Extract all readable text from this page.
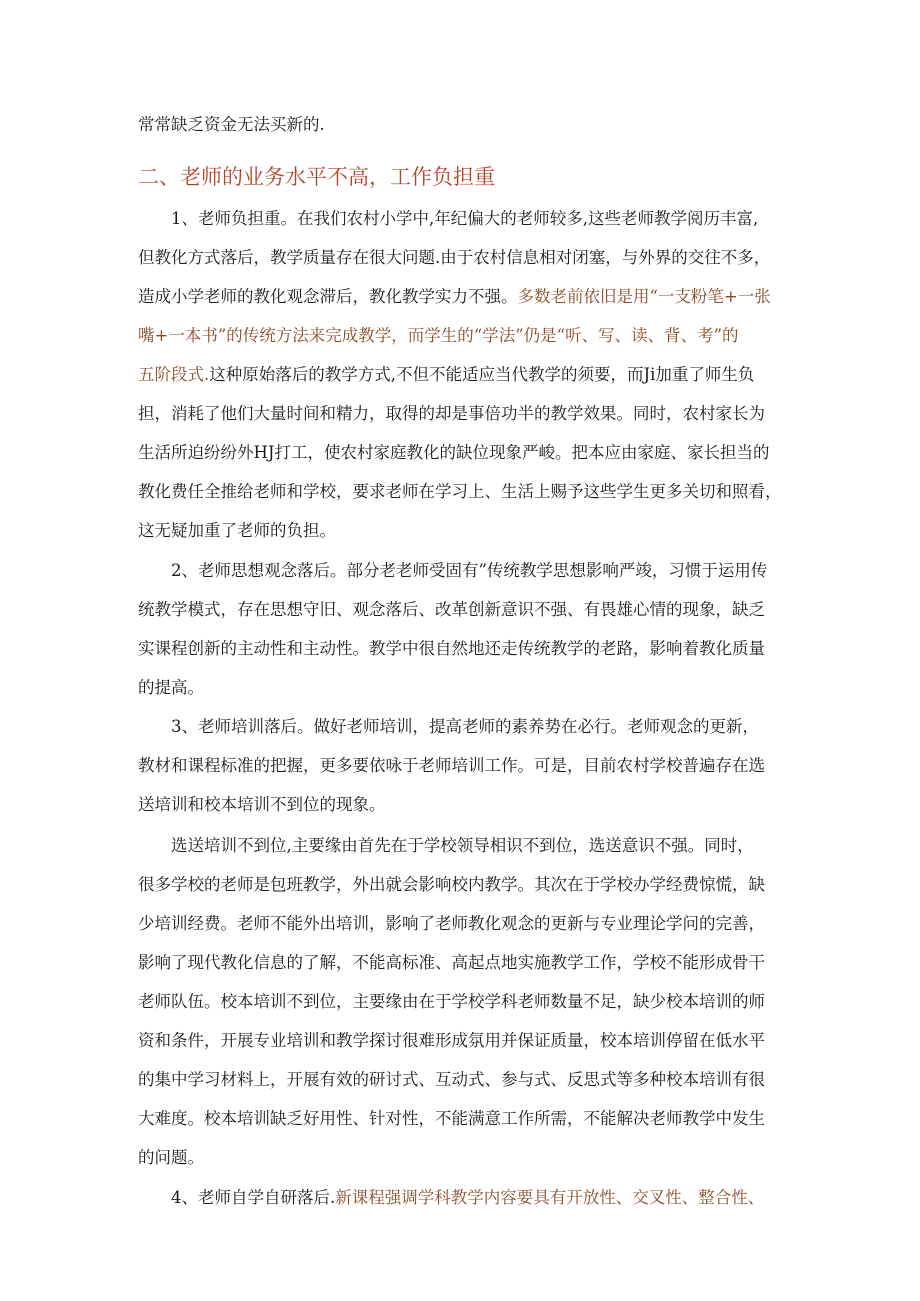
常常缺乏资金无法买新的.
二、老师的业务水平不高，工作负担重
1、老师负担重。在我们农村小学中,年纪偏大的老师较多,这些老师教学阅历丰富,
但教化方式落后，教学质量存在很大问题.由于农村信息相对闭塞，与外界的交往不多，
造成小学老师的教化观念滞后，教化教学实力不强。多数老前依旧是用“一支粉笔+一张
嘴+一本书”的传统方法来完成教学，而学生的“学法”仍是“听、写、读、背、考”的
五阶段式.这种原始落后的教学方式,不但不能适应当代教学的须要，而Ji加重了师生负
担，消耗了他们大量时间和精力，取得的却是事倍功半的教学效果。同时，农村家长为
生活所迫纷纷外HJ打工，使农村家庭教化的缺位现象严峻。把本应由家庭、家长担当的
教化费任全推给老师和学校，要求老师在学习上、生活上赐予这些学生更多关切和照看，
这无疑加重了老师的负担。
2、老师思想观念落后。部分老老师受固有”传统教学思想影响严竣，习惯于运用传
统教学模式，存在思想守旧、观念落后、改革创新意识不强、有畏雄心情的现象，缺乏
实课程创新的主动性和主动性。教学中很自然地还走传统教学的老路，影响着教化质量
的提高。
3、老师培训落后。做好老师培训，提高老师的素养势在必行。老师观念的更新，
教材和课程标准的把握，更多要依咏于老师培训工作。可是，目前农村学校普遍存在选
送培训和校本培训不到位的现象。
选送培训不到位,主要缘由首先在于学校领导相识不到位，选送意识不强。同时，
很多学校的老师是包班教学，外出就会影响校内教学。其次在于学校办学经费惊慌，缺
少培训经费。老师不能外出培训，影响了老师教化观念的更新与专业理论学问的完善，
影响了现代教化信息的了解，不能高标准、高起点地实施教学工作，学校不能形成骨干
老师队伍。校本培训不到位，主要缘由在于学校学科老师数量不足，缺少校本培训的师
资和条件，开展专业培训和教学探讨很难形成氛用并保证质量，校本培训停留在低水平
的集中学习材料上，开展有效的研讨式、互动式、参与式、反思式等多种校本培训有很
大难度。校本培训缺乏好用性、针对性，不能满意工作所需，不能解决老师教学中发生
的问题。
4、老师自学自研落后.新课程强调学科教学内容要具有开放性、交叉性、整合性、
